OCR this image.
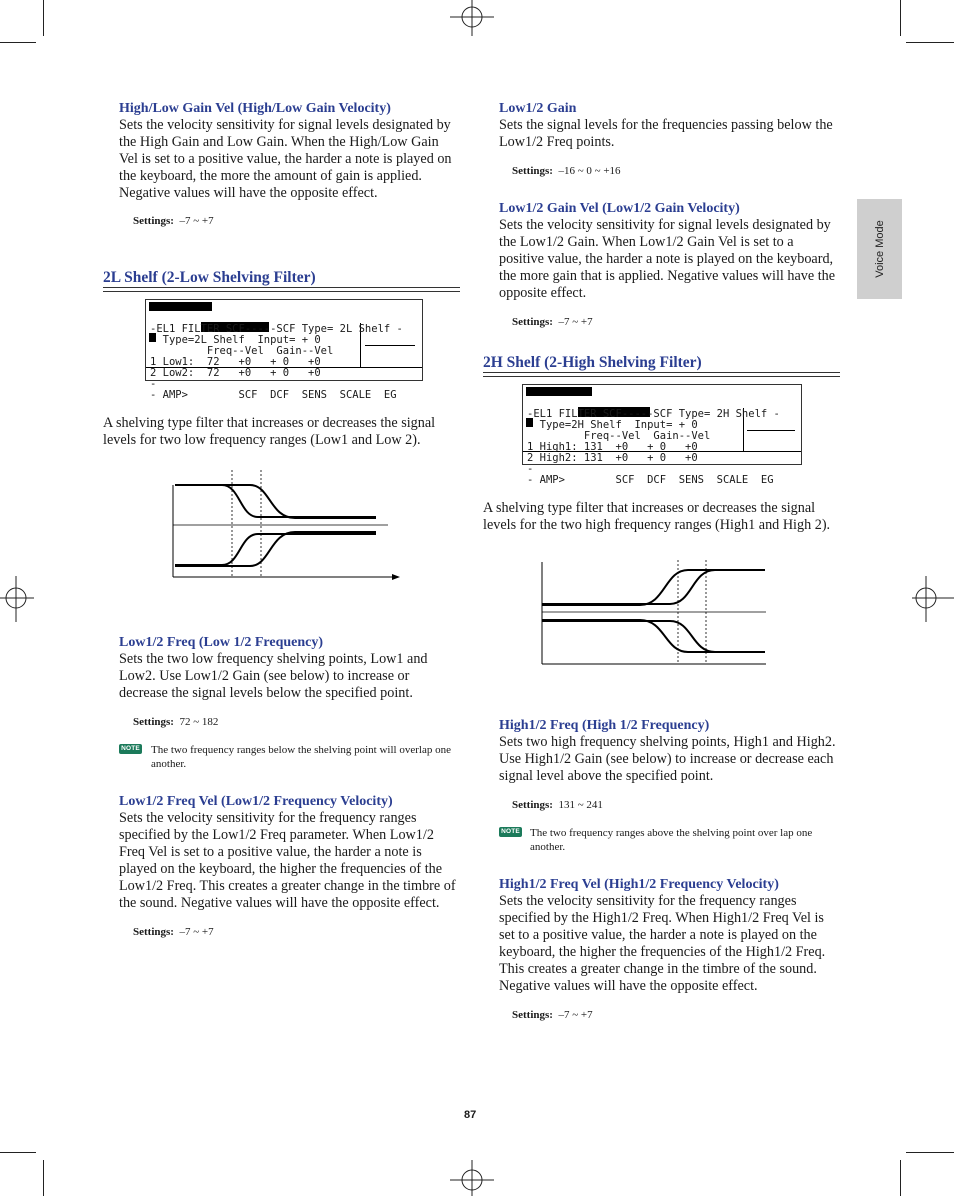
Voice Mode
High/Low Gain Vel (High/Low Gain Velocity)

Sets the velocity sensitivity for signal levels designated by the High Gain and Low Gain. When the High/Low Gain Vel is set to a positive value, the harder a note is played on the keyboard, the more the amount of gain is applied. Negative values will have the opposite effect.

Settings: –7 ~ +7
2L Shelf (2-Low Shelving Filter)

VOICE EDIT        P1-001[GlassE.P    ]
-EL1 FILTER SCF-----SCF Type= 2L Shelf -
Type=2L Shelf  Input= + 0
Freq--Vel  Gain--Vel
1 Low1:  72   +0   + 0   +0
2 Low2:  72   +0   + 0   +0
-
- AMP>        SCF  DCF  SENS  SCALE  EG

A shelving type filter that increases or decreases the signal levels for two low frequency ranges (Low1 and Low 2).

Low1/2 Freq (Low 1/2 Frequency)

Sets the two low frequency shelving points, Low1 and Low2. Use Low1/2 Gain (see below) to increase or decrease the signal levels below the specified point.

Settings: 72 ~ 182
NOTE The two frequency ranges below the shelving point will overlap one another.
Low1/2 Freq Vel (Low1/2 Frequency Velocity)

Sets the velocity sensitivity for the frequency ranges specified by the Low1/2 Freq parameter. When Low1/2 Freq Vel is set to a positive value, the harder a note is played on the keyboard, the higher the frequencies of the Low1/2 Freq. This creates a greater change in the timbre of the sound. Negative values will have the opposite effect.

Settings: –7 ~ +7
Low1/2 Gain

Sets the signal levels for the frequencies passing below the Low1/2 Freq points.

Settings: –16 ~ 0 ~ +16
Low1/2 Gain Vel (Low1/2 Gain Velocity)

Sets the velocity sensitivity for signal levels designated by the Low1/2 Gain. When Low1/2 Gain Vel is set to a positive value, the harder a note is played on the keyboard, the more gain that is applied. Negative values will have the opposite effect.

Settings: –7 ~ +7
2H Shelf (2-High Shelving Filter)

VOICE EDIT        P1-001[GlassE.P    ]
-EL1 FILTER SCF-----SCF Type= 2H Shelf -
Type=2H Shelf  Input= + 0
Freq--Vel  Gain--Vel
1 High1: 131  +0   + 0   +0
2 High2: 131  +0   + 0   +0
-
- AMP>        SCF  DCF  SENS  SCALE  EG

A shelving type filter that increases or decreases the signal levels for the two high frequency ranges (High1 and High 2).

High1/2 Freq (High 1/2 Frequency)

Sets two high frequency shelving points, High1 and High2. Use High1/2 Gain (see below) to increase or decrease each signal level above the specified point.

Settings: 131 ~ 241
NOTE The two frequency ranges above the shelving point over lap one another.
High1/2 Freq Vel (High1/2 Frequency Velocity)

Sets the velocity sensitivity for the frequency ranges specified by the High1/2 Freq. When High1/2 Freq Vel is set to a positive value, the harder a note is played on the keyboard, the higher the frequencies of the High1/2 Freq. This creates a greater change in the timbre of the sound. Negative values will have the opposite effect.

Settings: –7 ~ +7
87
